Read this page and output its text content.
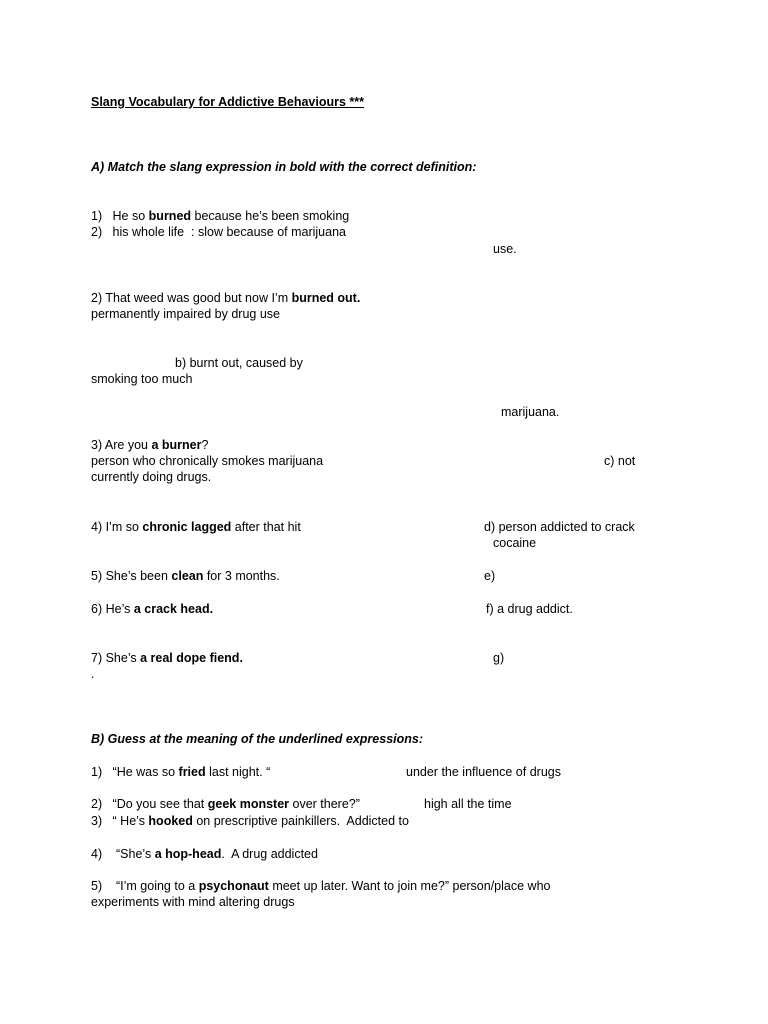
Slang Vocabulary for Addictive Behaviours ***
A) Match the slang expression in bold with the correct definition:
1)   He so burned because he’s been smoking
2)   his whole life  : slow because of marijuana
use.
2) That weed was good but now I’m burned out.
permanently impaired by drug use
b) burnt out, caused by
smoking too much
marijuana.
3) Are you a burner?
person who chronically smokes marijuana	c) not
currently doing drugs.
4) I’m so chronic lagged after that hit	d) person addicted to crack
cocaine
5) She’s been clean for 3 months.	e)
6) He’s a crack head.	f) a drug addict.
7) She’s a real dope fiend.	g)
.
B) Guess at the meaning of the underlined expressions:
1)   “He was so fried last night. “	under the influence of drugs
2)   “Do you see that geek monster over there?”	high all the time
3)   “ He’s hooked on prescriptive painkillers.  Addicted to
4)    “She’s a hop-head.  A drug addicted
5)    “I’m going to a psychonaut meet up later. Want to join me?” person/place who
experiments with mind altering drugs
